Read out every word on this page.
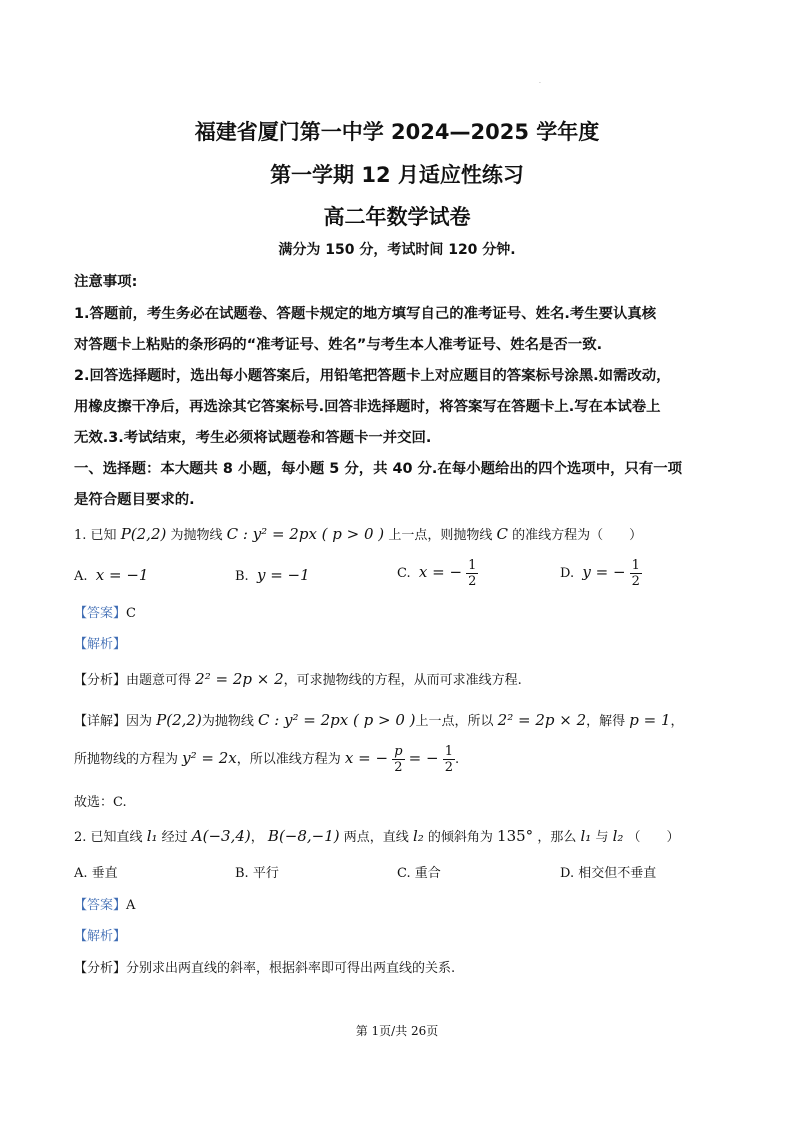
.
福建省厦门第一中学 2024—2025 学年度
第一学期 12 月适应性练习
高二年数学试卷
满分为 150 分，考试时间 120 分钟.
注意事项:
1.答题前，考生务必在试题卷、答题卡规定的地方填写自己的准考证号、姓名.考生要认真核
对答题卡上粘贴的条形码的“准考证号、姓名”与考生本人准考证号、姓名是否一致.
2.回答选择题时，选出每小题答案后，用铅笔把答题卡上对应题目的答案标号涂黑.如需改动，
用橡皮擦干净后，再选涂其它答案标号.回答非选择题时，将答案写在答题卡上.写在本试卷上
无效.3.考试结束，考生必须将试题卷和答题卡一并交回.
一、选择题：本大题共 8 小题，每小题 5 分，共 40 分.在每小题给出的四个选项中，只有一项
是符合题目要求的.
1. 已知 P(2,2) 为抛物线 C : y² = 2px ( p > 0 ) 上一点，则抛物线 C 的准线方程为（　　）
A. x = −1	B. y = −1	C. x = − $\frac{1}{2}$	D. y = − $\frac{1}{2}$
【答案】C
【解析】
【分析】由题意可得 2² = 2p × 2，可求抛物线的方程，从而可求准线方程.
【详解】因为 P(2,2)为抛物线 C : y² = 2px ( p > 0 )上一点，所以 2² = 2p × 2，解得 p = 1，
所抛物线的方程为 y² = 2x，所以准线方程为 x = − $\frac{p}{2}$ = − $\frac{1}{2}$ .
故选：C.
2. 已知直线 l₁ 经过 A(−3,4)， B(−8,−1) 两点，直线 l₂ 的倾斜角为 135° ，那么 l₁ 与 l₂ （　　）
A. 垂直	B. 平行	C. 重合	D. 相交但不垂直
【答案】A
【解析】
【分析】分别求出两直线的斜率，根据斜率即可得出两直线的关系.
第 1页/共 26页
